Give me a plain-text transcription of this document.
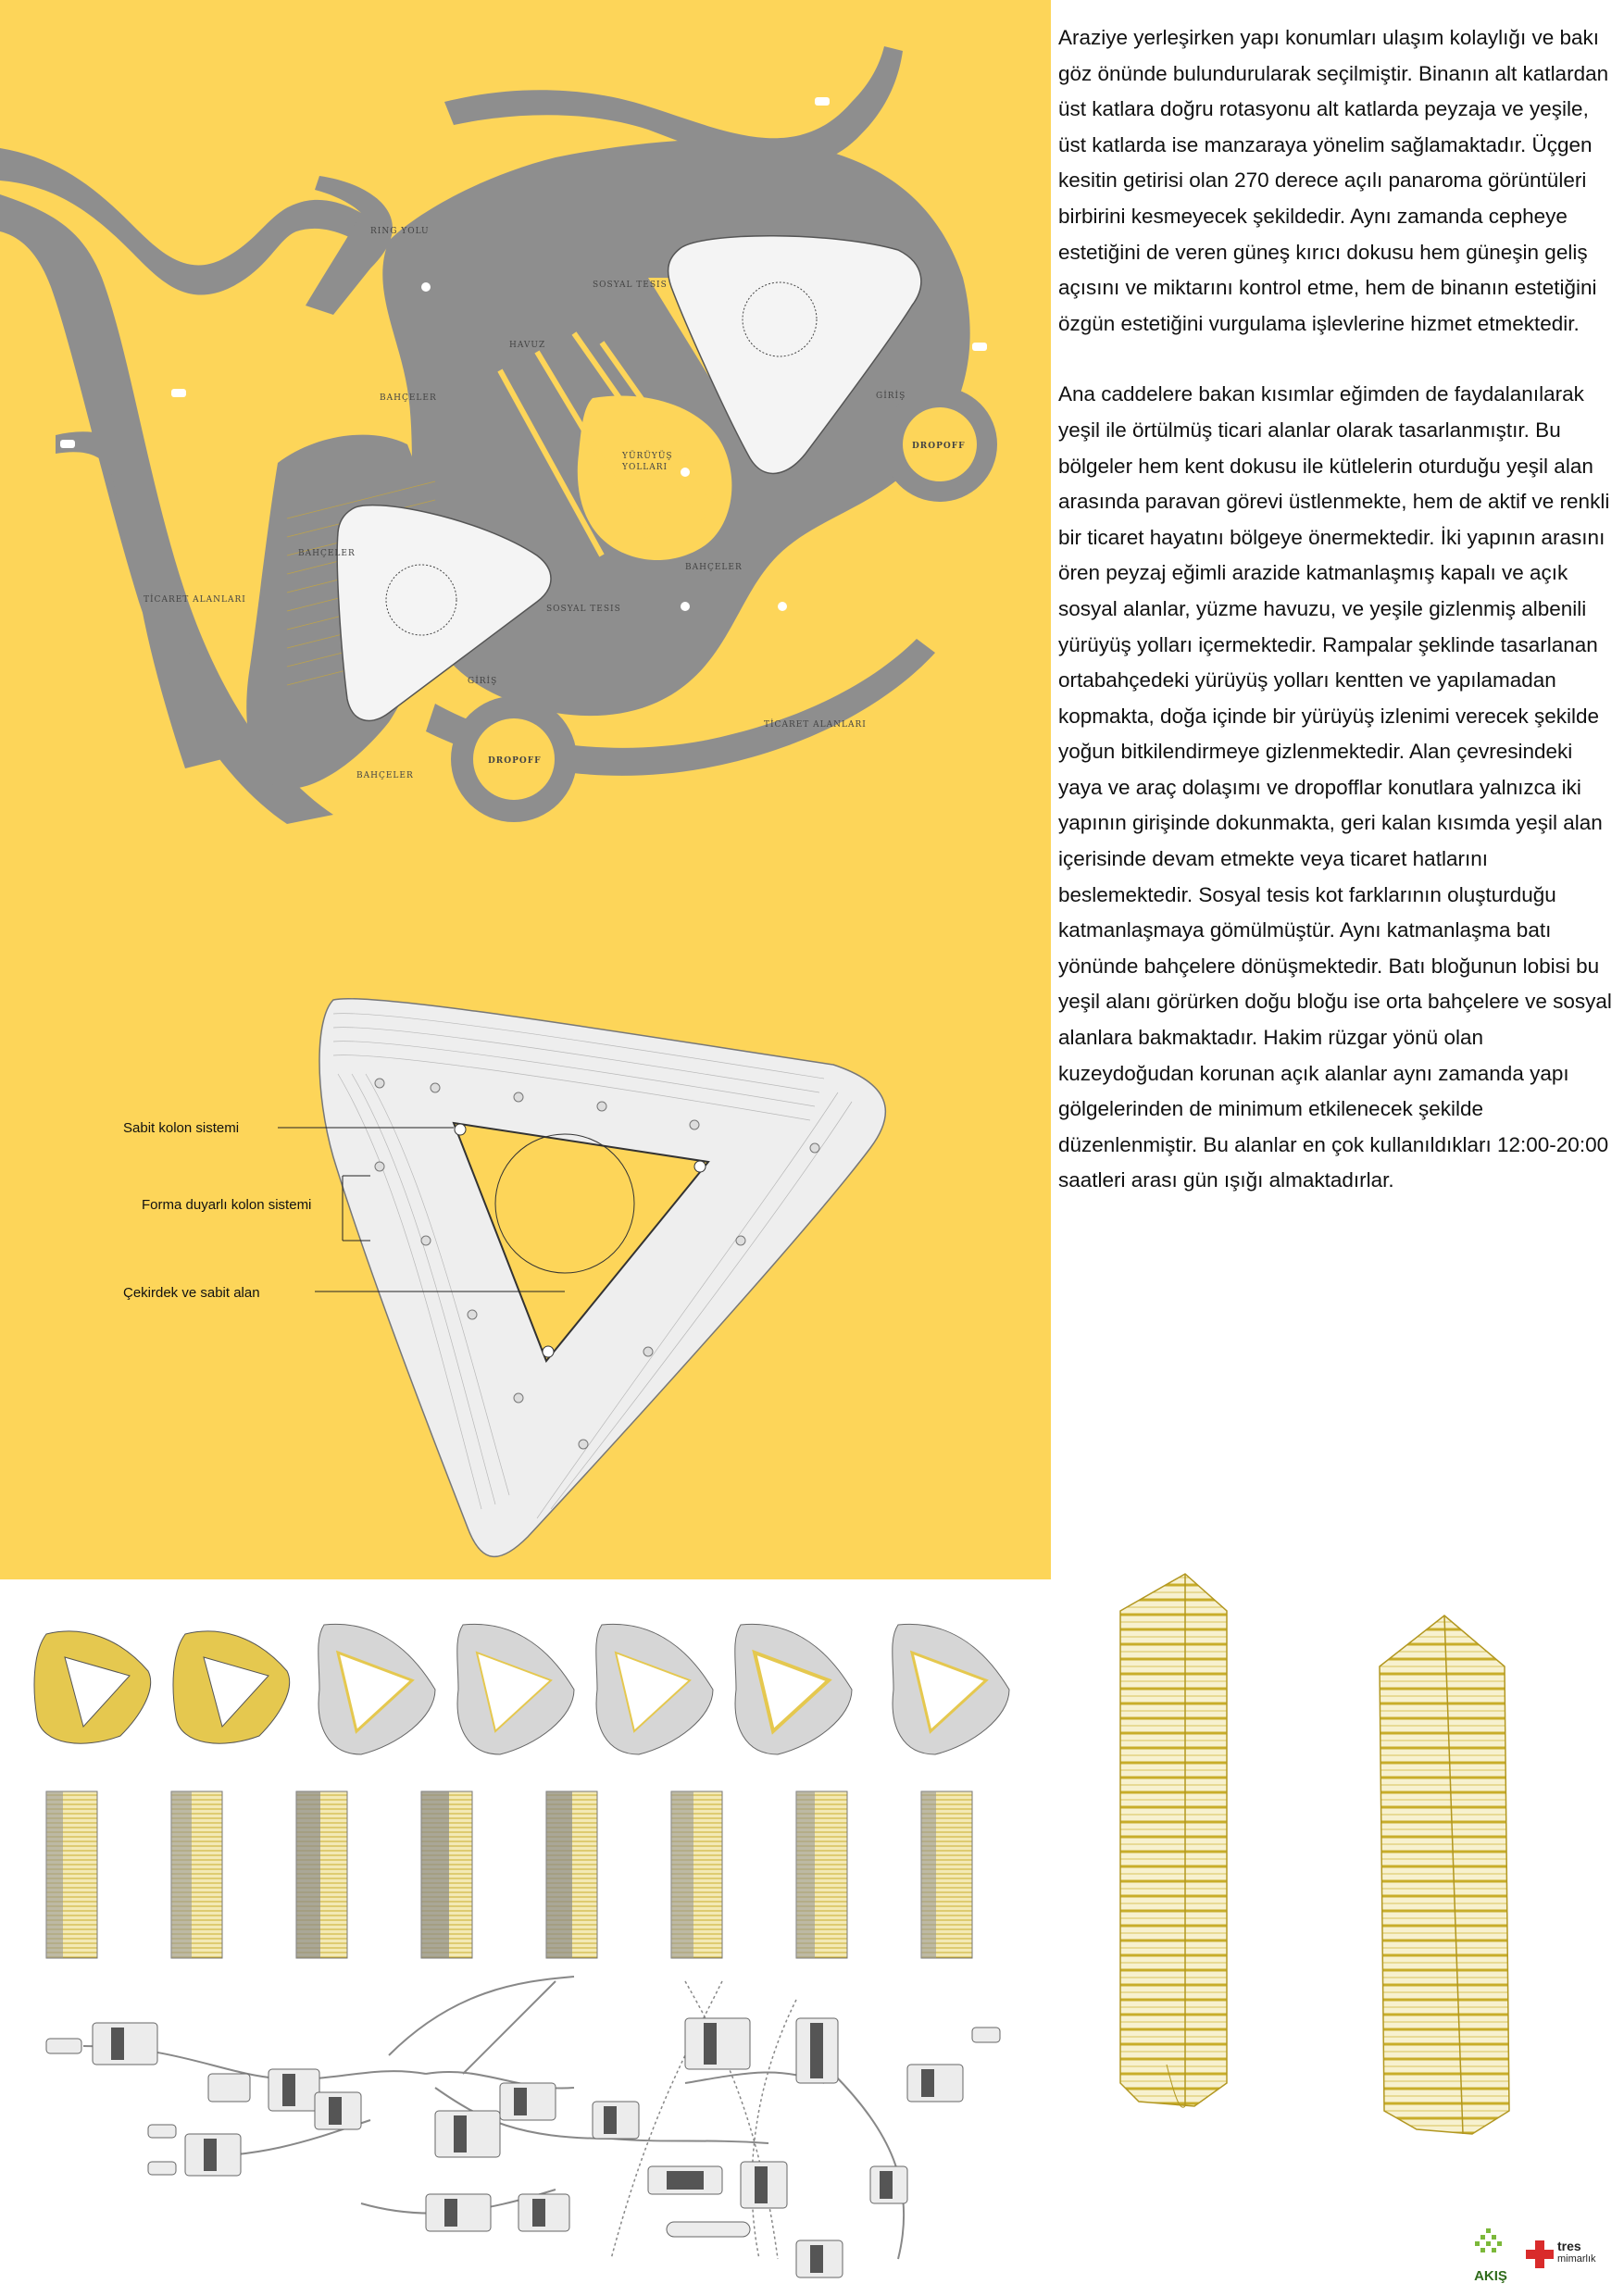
RING YOLU
HAVUZ
SOSYAL TESIS
SOSYAL TESIS
BAHÇELER
BAHÇELER
BAHÇELER
BAHÇELER
YÜRÜYÜŞ
YOLLARI
TİCARET ALANLARI
TİCARET ALANLARI
DROPOFF
DROPOFF
GİRİŞ
GİRİŞ
Sabit kolon sistemi
Forma duyarlı kolon sistemi
Çekirdek ve sabit alan

Araziye yerleşirken yapı konumları ulaşım kolaylığı ve bakı göz önünde bulundurularak seçilmiştir. Binanın alt katlardan üst katlara doğru rotasyonu alt katlarda peyzaja ve yeşile, üst katlarda ise manzaraya yönelim sağlamaktadır. Üçgen kesitin getirisi olan 270 derece açılı panaroma görüntüleri birbirini kesmeyecek şekildedir. Aynı zamanda cepheye estetiğini de veren güneş kırıcı dokusu hem güneşin geliş açısını ve miktarını kontrol etme, hem de binanın estetiğini özgün estetiğini vurgulama işlevlerine hizmet etmektedir.

Ana caddelere bakan kısımlar eğimden de faydalanılarak yeşil ile örtülmüş ticari alanlar olarak tasarlanmıştır. Bu bölgeler hem kent dokusu ile kütlelerin oturduğu yeşil alan arasında paravan görevi üstlenmekte, hem de aktif ve renkli bir ticaret hayatını bölgeye önermektedir. İki yapının arasını ören peyzaj eğimli arazide katmanlaşmış kapalı ve açık sosyal alanlar, yüzme havuzu, ve yeşile gizlenmiş albenili yürüyüş yolları içermektedir. Rampalar şeklinde tasarlanan ortabahçedeki yürüyüş yolları kentten ve yapılamadan kopmakta, doğa içinde bir yürüyüş izlenimi verecek şekilde yoğun bitkilendirmeye gizlenmektedir. Alan çevresindeki yaya ve araç dolaşımı ve dropofflar konutlara yalnızca iki yapının girişinde dokunmakta, geri kalan kısımda yeşil alan içerisinde devam etmekte veya ticaret hatlarını beslemektedir. Sosyal tesis kot farklarının oluşturduğu katmanlaşmaya gömülmüştür. Aynı katmanlaşma batı yönünde bahçelere dönüşmektedir. Batı bloğunun lobisi bu yeşil alanı görürken doğu bloğu ise orta bahçelere ve sosyal alanlara bakmaktadır. Hakim rüzgar yönü olan kuzeydoğudan korunan açık alanlar aynı zamanda yapı gölgelerinden de minimum etkilenecek şekilde düzenlenmiştir. Bu alanlar en çok kullanıldıkları 12:00-20:00 saatleri arası gün ışığı almaktadırlar.

AKIŞ
tres
mimarlık
